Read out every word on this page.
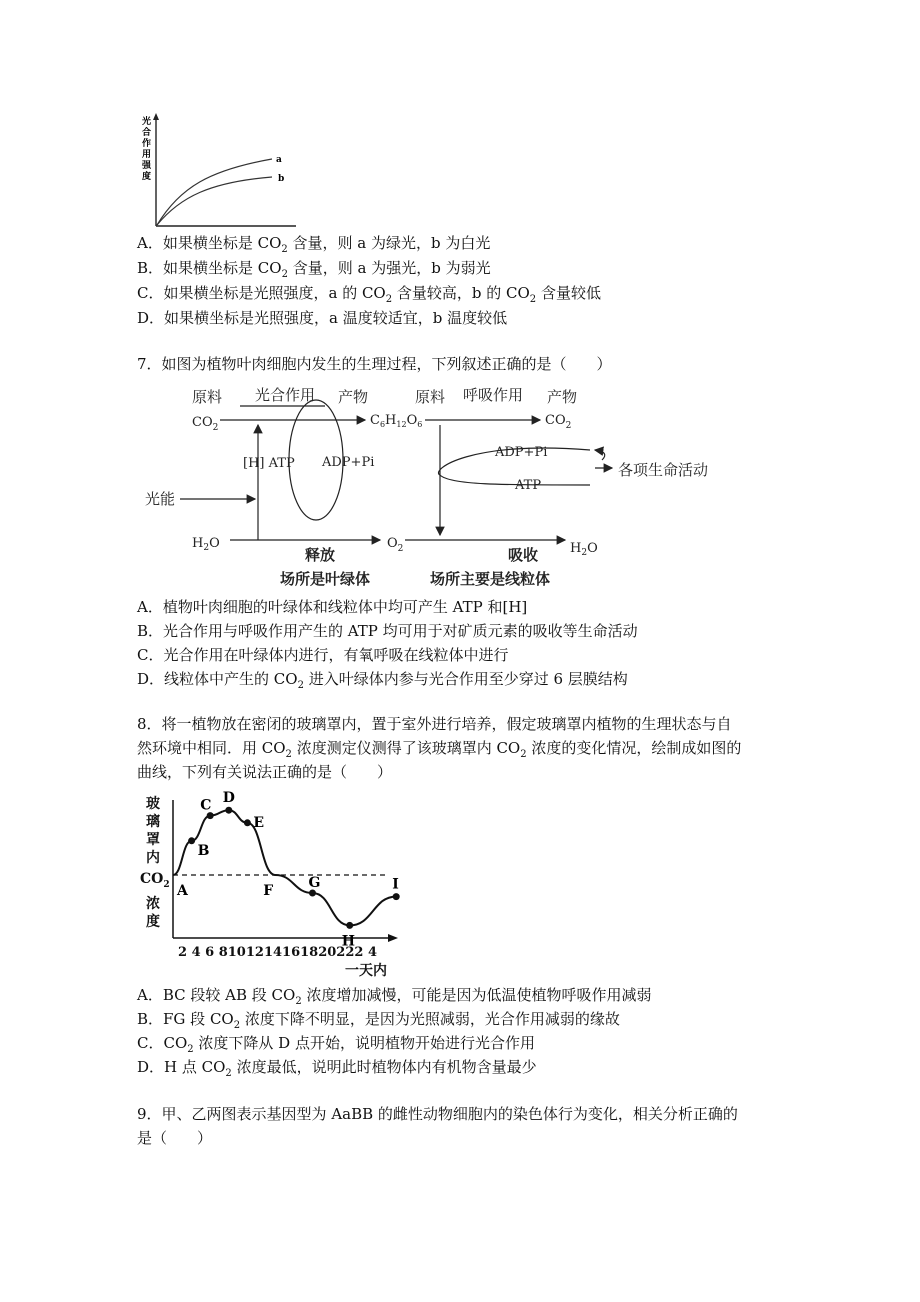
光
合
作
用
强
度
a
b
A．如果横坐标是 $CO_2$ 含量，则 a 为绿光，b 为白光
B．如果横坐标是 $CO_2$ 含量，则 a 为强光，b 为弱光
C．如果横坐标是光照强度，a 的 $CO_2$ 含量较高，b 的 $CO_2$ 含量较低
D．如果横坐标是光照强度，a 温度较适宜，b 温度较低
7．如图为植物叶肉细胞内发生的生理过程，下列叙述正确的是（　　）
原料 光合作用 产物	原料 呼吸作用 产物
$CO_2$	$C_6H_{12}O_6$	$CO_2$
[H] ATP ADP+Pi
ADP+Pi
ATP
$H_2O$	$O_2$	$H_2O$
各项生命活动
光能
释放	吸收
场所是叶绿体	场所主要是线粒体
A．植物叶肉细胞的叶绿体和线粒体中均可产生 ATP 和[H]
B．光合作用与呼吸作用产生的 ATP 均可用于对矿质元素的吸收等生命活动
C．光合作用在叶绿体内进行，有氧呼吸在线粒体中进行
D．线粒体中产生的 $CO_2$ 进入叶绿体内参与光合作用至少穿过 6 层膜结构
8．将一植物放在密闭的玻璃罩内，置于室外进行培养，假定玻璃罩内植物的生理状态与自
然环境中相同．用 $CO_2$ 浓度测定仪测得了该玻璃罩内 $CO_2$ 浓度的变化情况，绘制成如图的
曲线，下列有关说法正确的是（　　）
玻
璃
罩
内
$CO_2$
浓
度
2 4 6 8101214161820222 4
一天内
A
B
C D
E
F	G
H
I
A．BC 段较 AB 段 $CO_2$ 浓度增加减慢，可能是因为低温使植物呼吸作用减弱
B．FG 段 $CO_2$ 浓度下降不明显，是因为光照减弱，光合作用减弱的缘故
C．$CO_2$ 浓度下降从 D 点开始，说明植物开始进行光合作用
D．H 点 $CO_2$ 浓度最低，说明此时植物体内有机物含量最少
9．甲、乙两图表示基因型为 AaBB 的雌性动物细胞内的染色体行为变化，相关分析正确的
是（　　）
